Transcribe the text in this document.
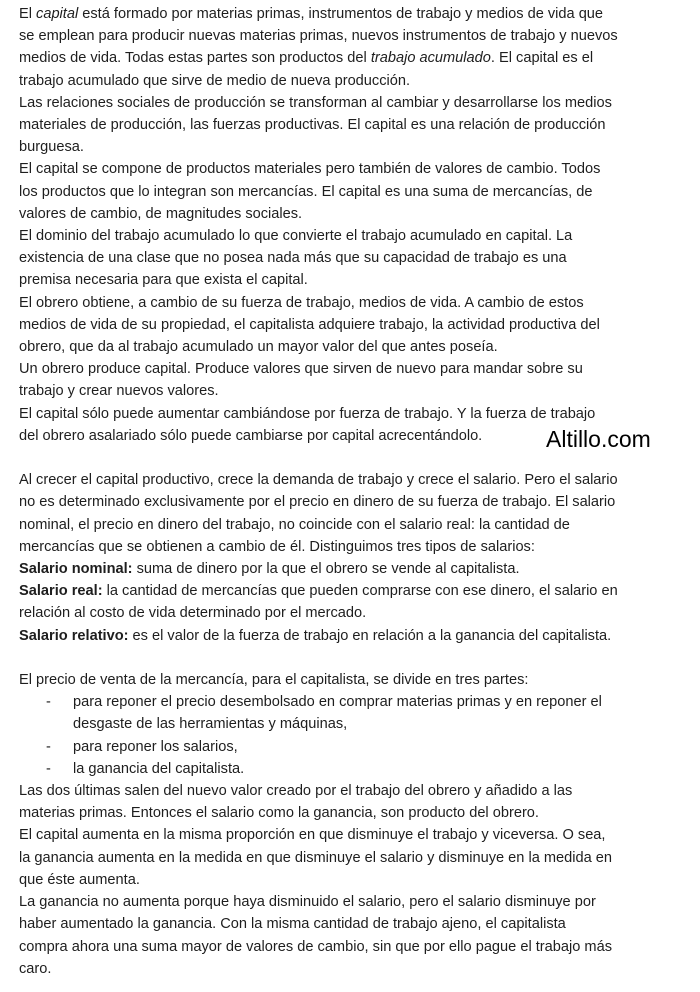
El capital está formado por materias primas, instrumentos de trabajo y medios de vida que

se emplean para producir nuevas materias primas, nuevos instrumentos de trabajo y nuevos

medios de vida. Todas estas partes son productos del trabajo acumulado. El capital es el

trabajo acumulado que sirve de medio de nueva producción.

Las relaciones sociales de producción se transforman al cambiar y desarrollarse los medios

materiales de producción, las fuerzas productivas. El capital es una relación de producción

burguesa.

El capital se compone de productos materiales pero también de valores de cambio. Todos

los productos que lo integran son mercancías. El capital es una suma de mercancías, de

valores de cambio, de magnitudes sociales.

El dominio del trabajo acumulado lo que convierte el trabajo acumulado en capital. La

existencia de una clase que no posea nada más que su capacidad de trabajo es una

premisa necesaria para que exista el capital.

El obrero obtiene, a cambio de su fuerza de trabajo, medios de vida. A cambio de estos

medios de vida de su propiedad, el capitalista adquiere trabajo, la actividad productiva del

obrero, que da al trabajo acumulado un mayor valor del que antes poseía.

Un obrero produce capital. Produce valores que sirven de nuevo para mandar sobre su

trabajo y crear nuevos valores.

El capital sólo puede aumentar cambiándose por fuerza de trabajo. Y la fuerza de trabajo

del obrero asalariado sólo puede cambiarse por capital acrecentándolo.

Al crecer el capital productivo, crece la demanda de trabajo y crece el salario. Pero el salario

no es determinado exclusivamente por el precio en dinero de su fuerza de trabajo. El salario

nominal, el precio en dinero del trabajo, no coincide con el salario real: la cantidad de

mercancías que se obtienen a cambio de él. Distinguimos tres tipos de salarios:

Salario nominal: suma de dinero por la que el obrero se vende al capitalista.

Salario real: la cantidad de mercancías que pueden comprarse con ese dinero, el salario en

relación al costo de vida determinado por el mercado.

Salario relativo: es el valor de la fuerza de trabajo en relación a la ganancia del capitalista.

El precio de venta de la mercancía, para el capitalista, se divide en tres partes:

- para reponer el precio desembolsado en comprar materias primas y en reponer el
desgaste de las herramientas y máquinas,
- para reponer los salarios,
- la ganancia del capitalista.

Las dos últimas salen del nuevo valor creado por el trabajo del obrero y añadido a las

materias primas. Entonces el salario como la ganancia, son producto del obrero.

El capital aumenta en la misma proporción en que disminuye el trabajo y viceversa. O sea,

la ganancia aumenta en la medida en que disminuye el salario y disminuye en la medida en

que éste aumenta.

La ganancia no aumenta porque haya disminuido el salario, pero el salario disminuye por

haber aumentado la ganancia. Con la misma cantidad de trabajo ajeno, el capitalista

compra ahora una suma mayor de valores de cambio, sin que por ello pague el trabajo más

caro.

Altillo.com
